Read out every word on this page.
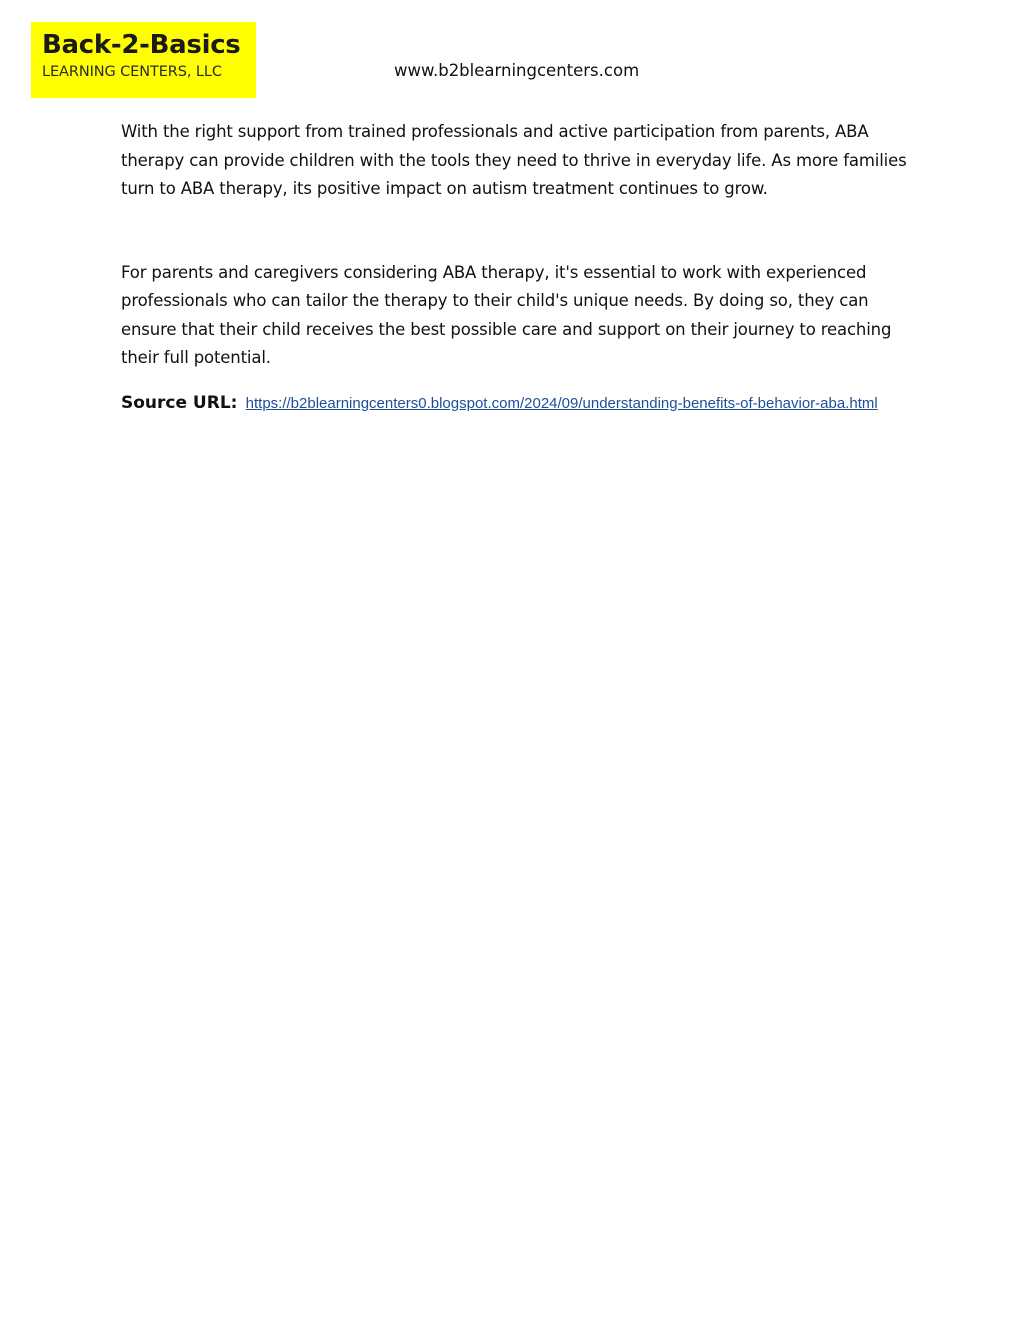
Back-2-Basics
LEARNING CENTERS, LLC	www.b2blearningcenters.com

With the right support from trained professionals and active participation from parents, ABA therapy can provide children with the tools they need to thrive in everyday life. As more families turn to ABA therapy, its positive impact on autism treatment continues to grow.

For parents and caregivers considering ABA therapy, it's essential to work with experienced professionals who can tailor the therapy to their child's unique needs. By doing so, they can ensure that their child receives the best possible care and support on their journey to reaching their full potential.

Source URL: https://b2blearningcenters0.blogspot.com/2024/09/understanding-benefits-of-behavior-aba.html
